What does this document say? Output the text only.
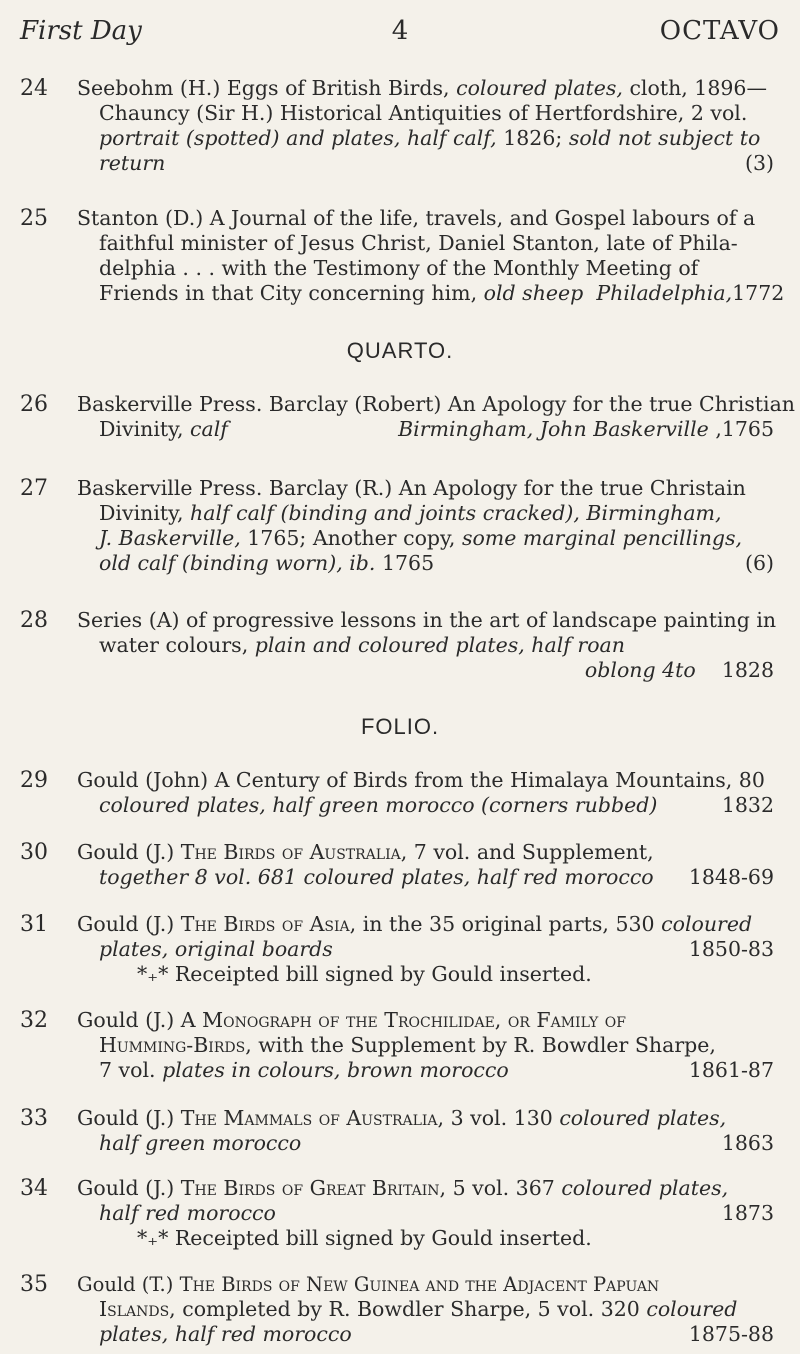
First Day	4	OCTAVO
24	Seebohm (H.) Eggs of British Birds, coloured plates, cloth, 1896—
Chauncy (Sir H.) Historical Antiquities of Hertfordshire, 2 vol.
portrait (spotted) and plates, half calf, 1826; sold not subject to
return	(3)
25	Stanton (D.) A Journal of the life, travels, and Gospel labours of a
faithful minister of Jesus Christ, Daniel Stanton, late of Phila-
delphia . . . with the Testimony of the Monthly Meeting of
Friends in that City concerning him, old sheep Philadelphia, 1772
QUARTO.
26	Baskerville Press. Barclay (Robert) An Apology for the true Christian
Divinity, calf	Birmingham, John Baskerville ,1765
27	Baskerville Press. Barclay (R.) An Apology for the true Christain
Divinity, half calf (binding and joints cracked), Birmingham,
J. Baskerville, 1765; Another copy, some marginal pencillings,
old calf (binding worn), ib. 1765	(6)
28	Series (A) of progressive lessons in the art of landscape painting in
water colours, plain and coloured plates, half roan
oblong 4to 1828
FOLIO.
29	Gould (John) A Century of Birds from the Himalaya Mountains, 80
coloured plates, half green morocco (corners rubbed)	1832
30	Gould (J.) The Birds of Australia, 7 vol. and Supplement,
together 8 vol. 681 coloured plates, half red morocco 1848-69
31	Gould (J.) The Birds of Asia, in the 35 original parts, 530 coloured
plates, original boards	1850-83
*₊* Receipted bill signed by Gould inserted.
32	Gould (J.) A Monograph of the Trochilidae, or Family of
Humming-Birds, with the Supplement by R. Bowdler Sharpe,
7 vol. plates in colours, brown morocco	1861-87
33	Gould (J.) The Mammals of Australia, 3 vol. 130 coloured plates,
half green morocco	1863
34	Gould (J.) The Birds of Great Britain, 5 vol. 367 coloured plates,
half red morocco	1873
*₊* Receipted bill signed by Gould inserted.
35	Gould (T.) The Birds of New Guinea and the Adjacent Papuan
Islands, completed by R. Bowdler Sharpe, 5 vol. 320 coloured
plates, half red morocco	1875-88
